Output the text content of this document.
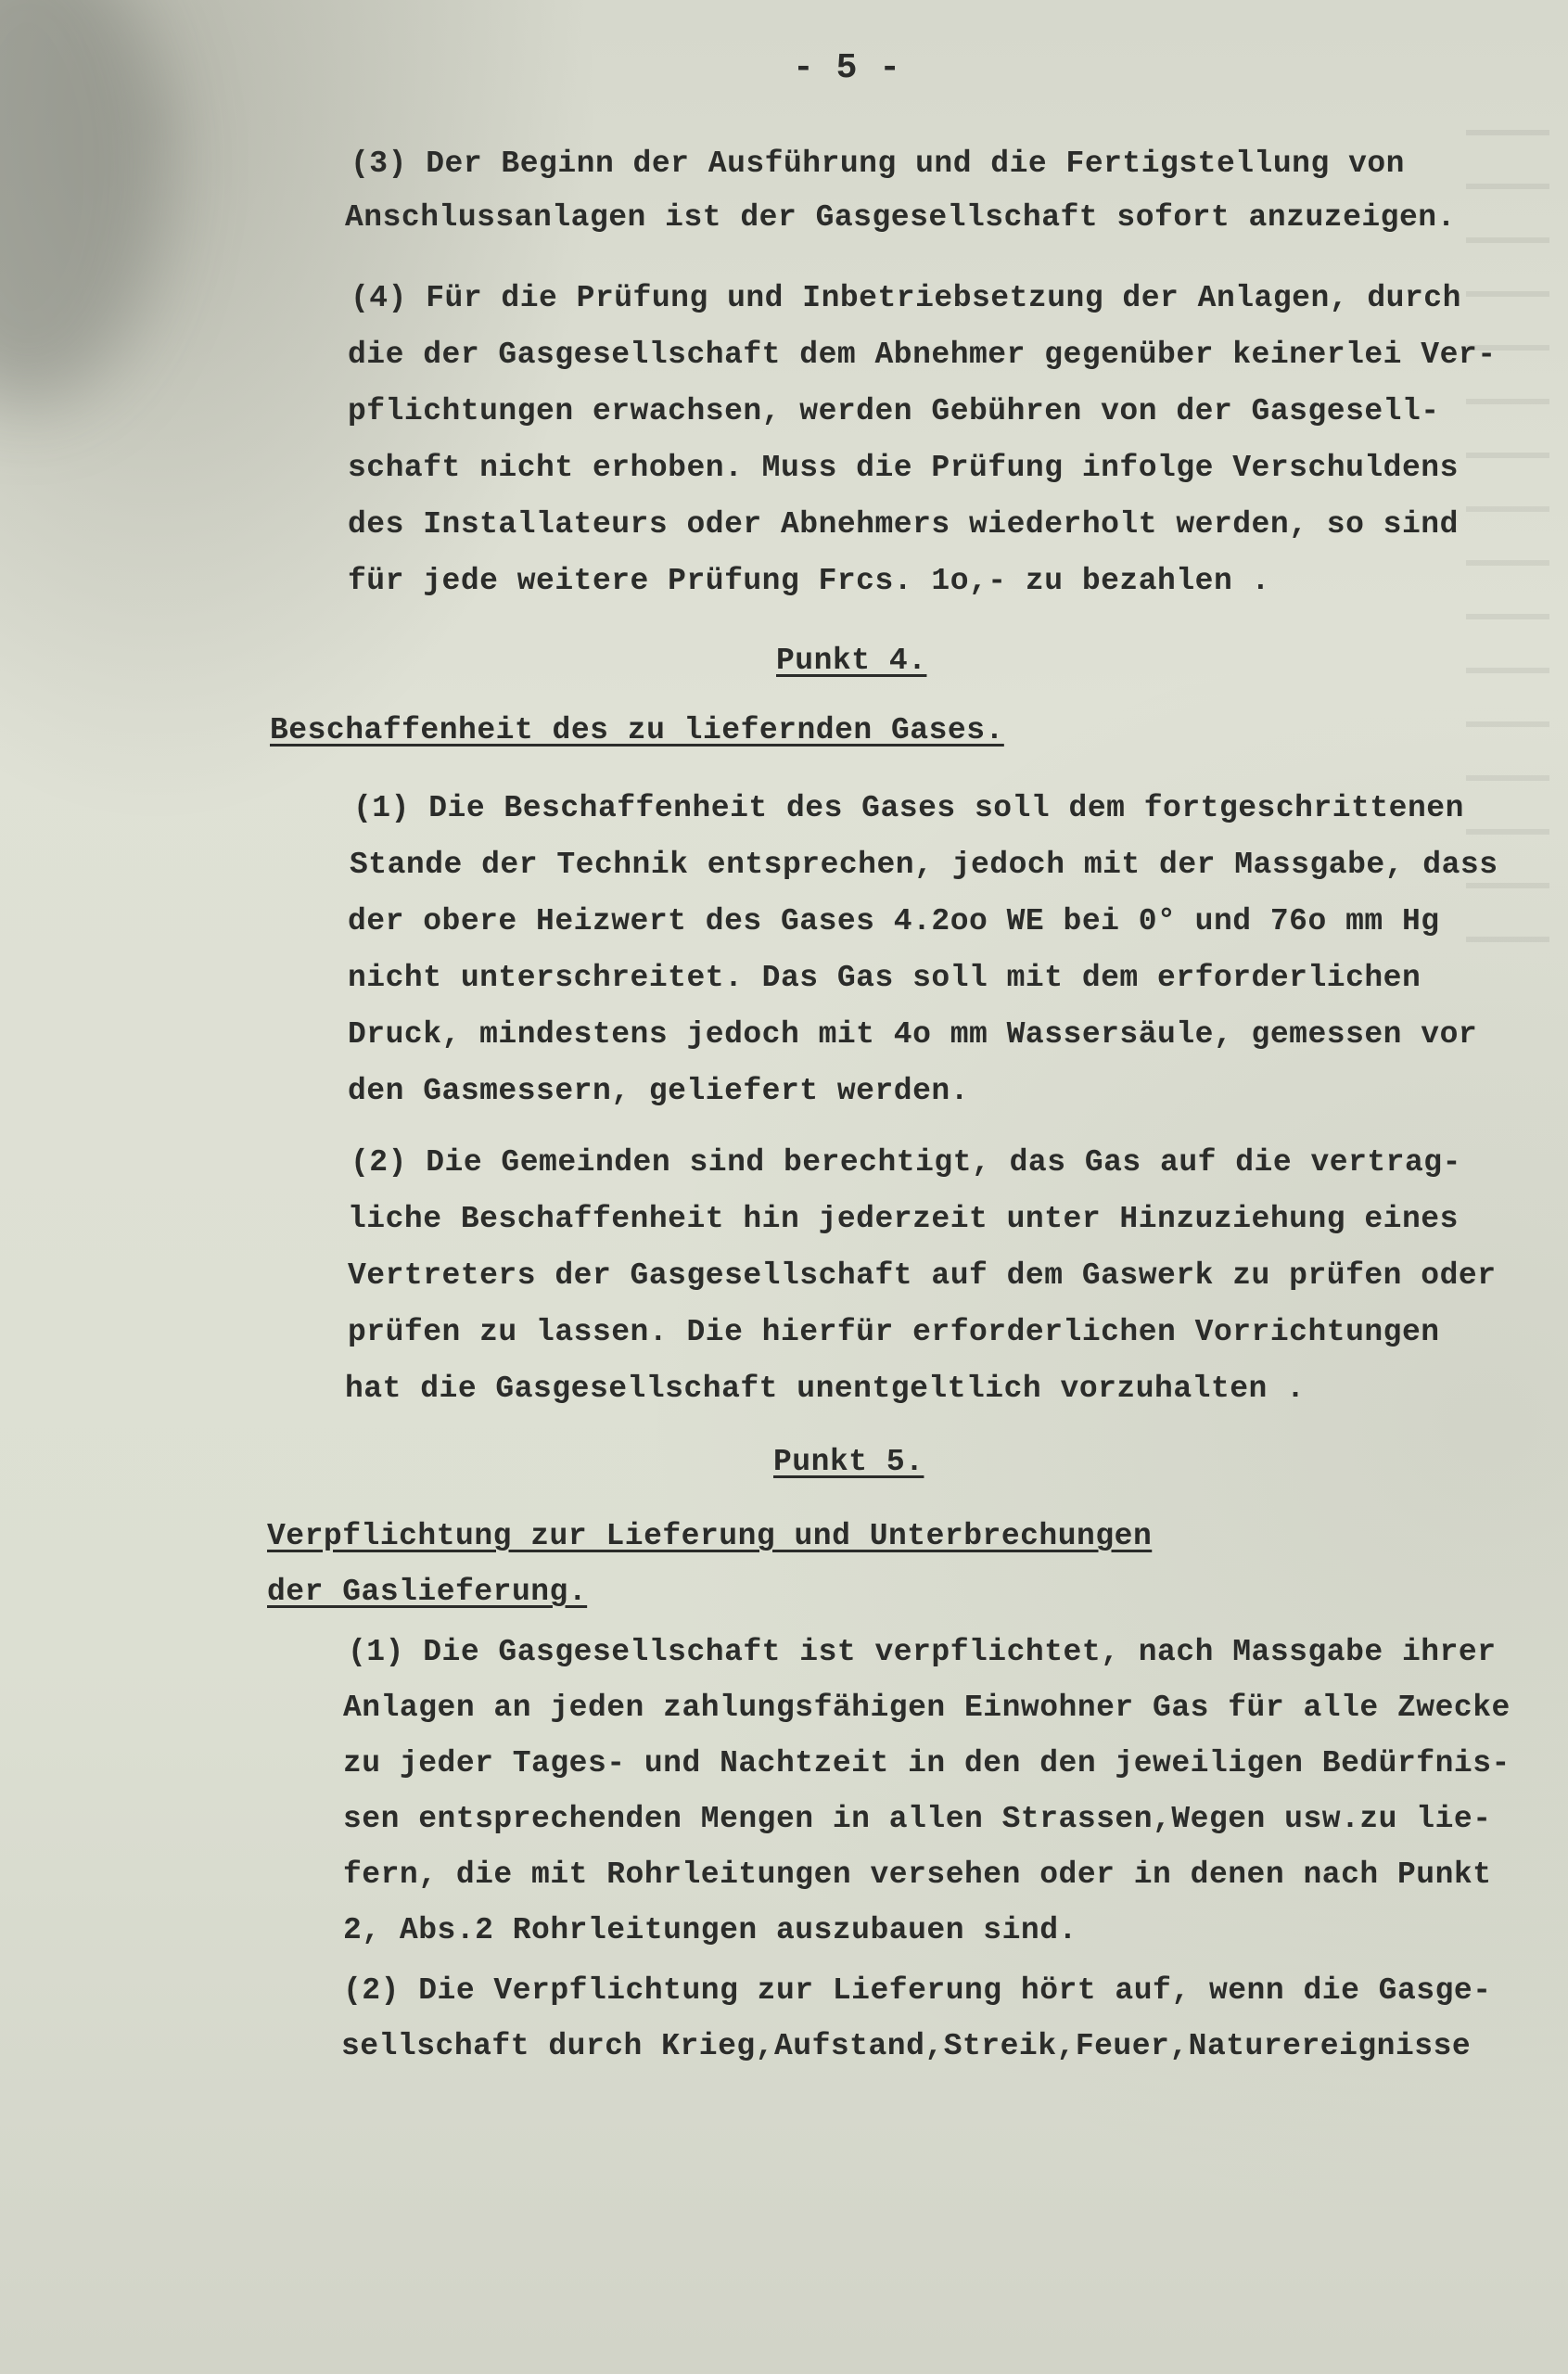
- 5 -
(3) Der Beginn der Ausführung und die Fertigstellung von
Anschlussanlagen ist der Gasgesellschaft sofort anzuzeigen.
(4) Für die Prüfung und Inbetriebsetzung der Anlagen, durch
die der Gasgesellschaft dem Abnehmer gegenüber keinerlei Ver-
pflichtungen erwachsen, werden Gebühren von der Gasgesell-
schaft nicht erhoben. Muss die Prüfung infolge Verschuldens
des Installateurs oder Abnehmers wiederholt werden, so sind
für jede weitere Prüfung Frcs. 1o,- zu bezahlen .
Punkt 4.
Beschaffenheit des zu liefernden Gases.
(1) Die Beschaffenheit des Gases soll dem fortgeschrittenen
Stande der Technik entsprechen, jedoch mit der Massgabe, dass
der obere Heizwert des Gases 4.2oo WE bei 0° und 76o mm Hg
nicht unterschreitet. Das Gas soll mit dem erforderlichen
Druck, mindestens jedoch mit 4o mm Wassersäule, gemessen vor
den Gasmessern, geliefert werden.
(2) Die Gemeinden sind berechtigt, das Gas auf die vertrag-
liche Beschaffenheit hin jederzeit unter Hinzuziehung eines
Vertreters der Gasgesellschaft auf dem Gaswerk zu prüfen oder
prüfen zu lassen. Die hierfür erforderlichen Vorrichtungen
hat die Gasgesellschaft unentgeltlich vorzuhalten .
Punkt 5.
Verpflichtung zur Lieferung und Unterbrechungen
der Gaslieferung.
(1) Die Gasgesellschaft ist verpflichtet, nach Massgabe ihrer
Anlagen an jeden zahlungsfähigen Einwohner Gas für alle Zwecke
zu jeder Tages- und Nachtzeit in den den jeweiligen Bedürfnis-
sen entsprechenden Mengen in allen Strassen,Wegen usw.zu lie-
fern, die mit Rohrleitungen versehen oder in denen nach Punkt
2, Abs.2 Rohrleitungen auszubauen sind.
(2) Die Verpflichtung zur Lieferung hört auf, wenn die Gasge-
sellschaft durch Krieg,Aufstand,Streik,Feuer,Naturereignisse
